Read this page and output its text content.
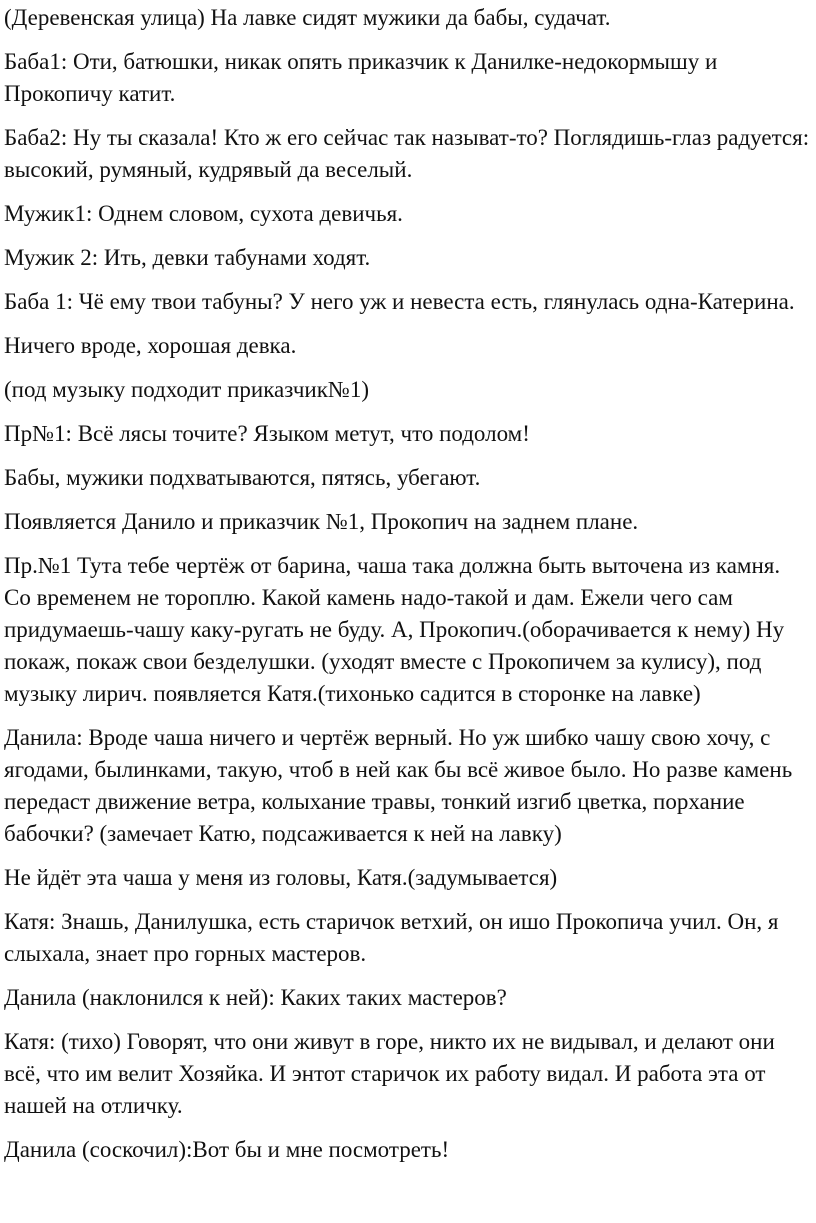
(Деревенская улица) На лавке сидят мужики да бабы, судачат.

Баба1: Оти, батюшки, никак опять приказчик к Данилке-недокормышу и Прокопичу катит.

Баба2: Ну ты сказала! Кто ж его сейчас так называт-то? Поглядишь-глаз радуется: высокий, румяный, кудрявый да веселый.

Мужик1: Однем словом, сухота девичья.

Мужик 2: Ить, девки табунами ходят.

Баба 1: Чё ему твои табуны? У него уж и невеста есть, глянулась одна-Катерина.

Ничего вроде, хорошая девка.

(под музыку подходит приказчик№1)

Пр№1: Всё лясы точите? Языком метут, что подолом!

Бабы, мужики подхватываются, пятясь, убегают.

Появляется Данило и приказчик №1, Прокопич на заднем плане.

Пр.№1 Тута тебе чертёж от барина, чаша така должна быть выточена из камня. Со временем не тороплю. Какой камень надо-такой и дам. Ежели чего сам придумаешь-чашу каку-ругать не буду. А, Прокопич.(оборачивается к нему) Ну покаж, покаж свои безделушки. (уходят вместе с Прокопичем за кулису), под музыку лирич. появляется Катя.(тихонько садится в сторонке на лавке)

Данила: Вроде чаша ничего и чертёж верный. Но уж шибко чашу свою хочу, с ягодами, былинками, такую, чтоб в ней как бы всё живое было. Но разве камень передаст движение ветра, колыхание травы, тонкий изгиб цветка, порхание бабочки? (замечает Катю, подсаживается к ней на лавку)

Не йдёт эта чаша у меня из головы, Катя.(задумывается)

Катя: Знашь, Данилушка, есть старичок ветхий, он ишо Прокопича учил. Он, я слыхала, знает про горных мастеров.

Данила (наклонился к ней): Каких таких мастеров?

Катя: (тихо) Говорят, что они живут в горе, никто их не видывал, и делают они всё, что им велит Хозяйка. И энтот старичок их работу видал. И работа эта от нашей на отличку.

Данила (соскочил):Вот бы и мне посмотреть!
